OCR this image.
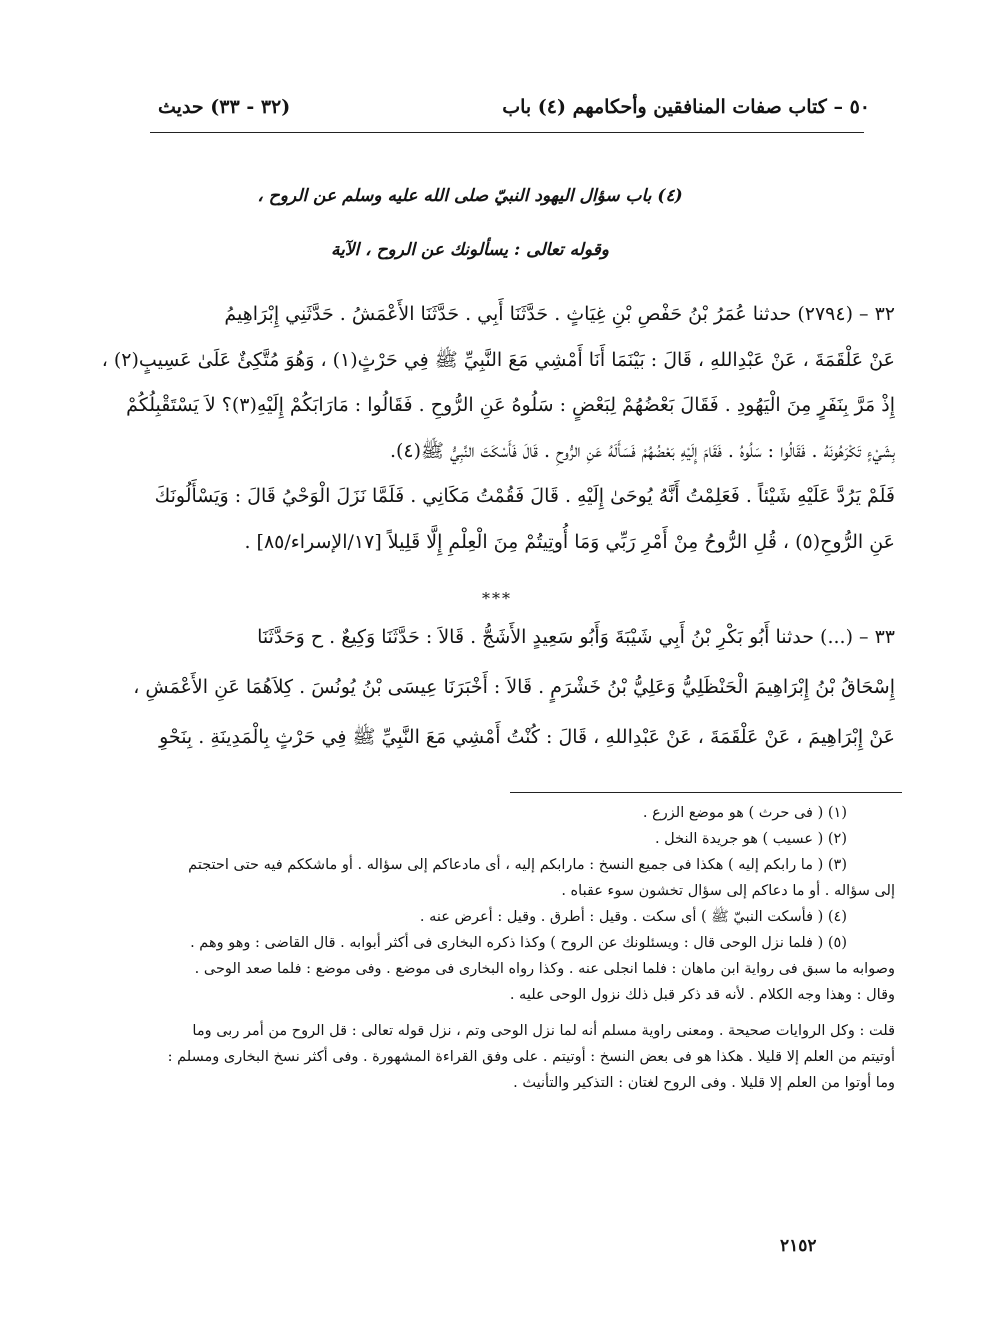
٥٠ – كتاب صفات المنافقين وأحكامهم (٤) باب
(٣٢ - ٣٣) حديث
(٤) باب سؤال اليهود النبيّ صلى الله عليه وسلم عن الروح ،
وقوله تعالى : يسألونك عن الروح ، الآية
٣٢ – (٢٧٩٤) حدثنا عُمَرُ بْنُ حَفْصِ بْنِ غِيَاثٍ . حَدَّثَنَا أَبِي . حَدَّثَنَا الأَعْمَشُ . حَدَّثَنِي إِبْرَاهِيمُ
عَنْ عَلْقَمَةَ ، عَنْ عَبْدِاللهِ ، قَالَ : بَيْنَمَا أَنَا أَمْشِي مَعَ النَّبِيِّ ﷺ فِي حَرْثٍ(١) ، وَهُوَ مُتَّكِئٌ عَلَىٰ عَسِيبٍ(٢) ،
إِذْ مَرَّ بِنَفَرٍ مِنَ الْيَهُودِ . فَقَالَ بَعْضُهُمْ لِبَعْضٍ : سَلُوهُ عَنِ الرُّوحِ . فَقَالُوا : مَارَابَكُمْ إِلَيْهِ(٣)؟ لاَ يَسْتَقْبِلُكُمْ
بِشَيْءٍ تَكْرَهُونَهُ . فَقَالُوا : سَلُوهُ . فَقَامَ إِلَيْهِ بَعْضُهُمْ فَسَأَلَهُ عَنِ الرُّوحِ . قَالَ فَأَسْكَتَ النَّبِيُّ ﷺ(٤).
فَلَمْ يَرُدَّ عَلَيْهِ شَيْئاً . فَعَلِمْتُ أَنَّهُ يُوحَىٰ إِلَيْهِ . قَالَ فَقُمْتُ مَكَانِي . فَلَمَّا نَزَلَ الْوَحْيُ قَالَ : وَيَسْأَلُونَكَ
عَنِ الرُّوحِ(٥) ، قُلِ الرُّوحُ مِنْ أَمْرِ رَبِّي وَمَا أُوتِيتُمْ مِنَ الْعِلْمِ إِلَّا قَلِيلاً [١٧/الإسراء/٨٥] .
***
٣٣ – (...) حدثنا أَبُو بَكْرِ بْنُ أَبِي شَيْبَةَ وَأَبُو سَعِيدٍ الأَشَجُّ . قَالاَ : حَدَّثَنَا وَكِيعٌ . ح وَحَدَّثَنَا
إِسْحَاقُ بْنُ إِبْرَاهِيمَ الْحَنْظَلِيُّ وَعَلِيُّ بْنُ خَشْرَمٍ . قَالاَ : أَخْبَرَنَا عِيسَى بْنُ يُونُسَ . كِلاَهُمَا عَنِ الأَعْمَشِ ،
عَنْ إِبْرَاهِيمَ ، عَنْ عَلْقَمَةَ ، عَنْ عَبْدِاللهِ ، قَالَ : كُنْتُ أَمْشِي مَعَ النَّبِيِّ ﷺ فِي حَرْثٍ بِالْمَدِينَةِ . بِنَحْوِ
(١) ( فى حرث ) هو موضع الزرع .
(٢) ( عسيب ) هو جريدة النخل .
(٣) ( ما رابكم إليه ) هكذا فى جميع النسخ : مارابكم إليه ، أى مادعاكم إلى سؤاله . أو ماشككم فيه حتى احتجتم
إلى سؤاله . أو ما دعاكم إلى سؤال تخشون سوء عقباه .
(٤) ( فأسكت النبيّ ﷺ ) أى سكت . وقيل : أطرق . وقيل : أعرض عنه .
(٥) ( فلما نزل الوحى قال : ويسئلونك عن الروح ) وكذا ذكره البخارى فى أكثر أبوابه . قال القاضى : وهو وهم .
وصوابه ما سبق فى رواية ابن ماهان : فلما انجلى عنه . وكذا رواه البخارى فى موضع . وفى موضع : فلما صعد الوحى .
وقال : وهذا وجه الكلام . لأنه قد ذكر قبل ذلك نزول الوحى عليه .
قلت : وكل الروايات صحيحة . ومعنى راوية مسلم أنه لما نزل الوحى وتم ، نزل قوله تعالى : قل الروح من أمر ربى وما
أوتيتم من العلم إلا قليلا . هكذا هو فى بعض النسخ : أوتيتم . على وفق القراءة المشهورة . وفى أكثر نسخ البخارى ومسلم :
وما أوتوا من العلم إلا قليلا . وفى الروح لغتان : التذكير والتأنيث .
٢١٥٢
